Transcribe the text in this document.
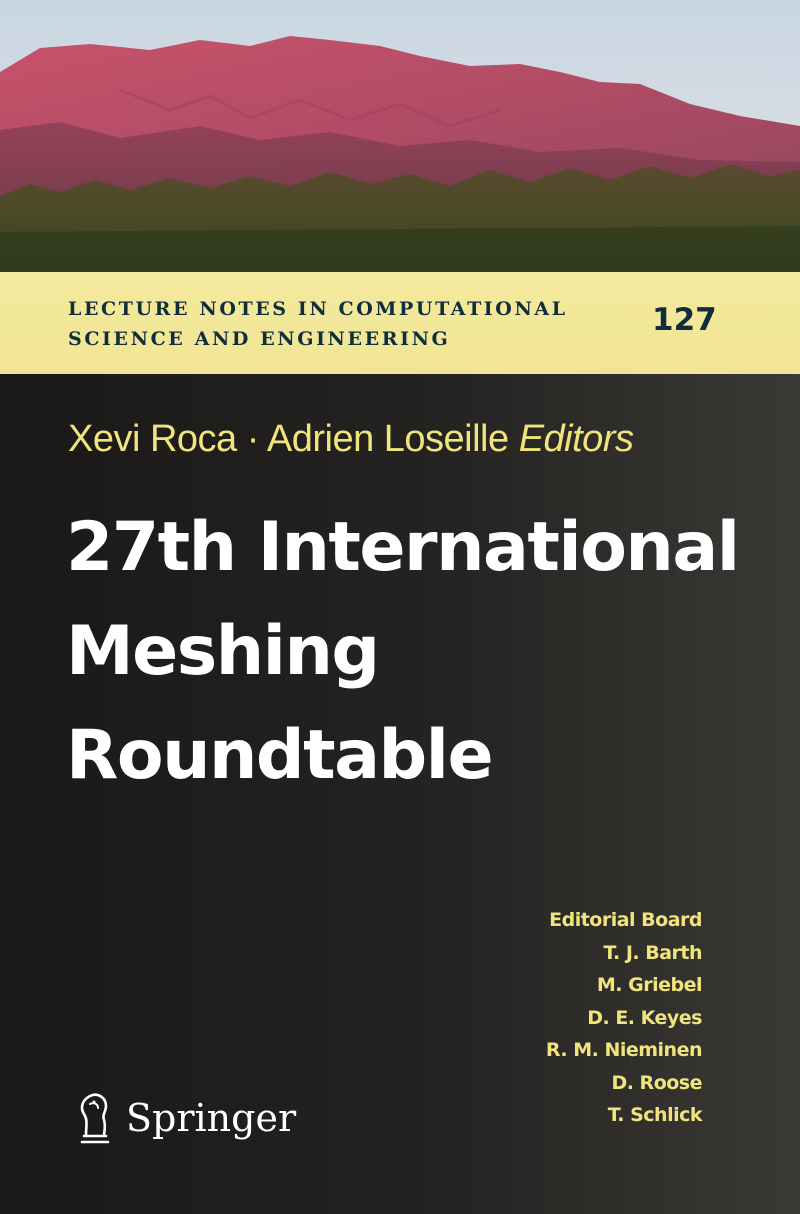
LECTURE NOTES IN COMPUTATIONAL
SCIENCE AND ENGINEERING

127
Xevi Roca · Adrien Loseille Editors
27th International
Meshing
Roundtable
Editorial Board
T. J. Barth
M. Griebel
D. E. Keyes
R. M. Nieminen
D. Roose
T. Schlick
Springer
